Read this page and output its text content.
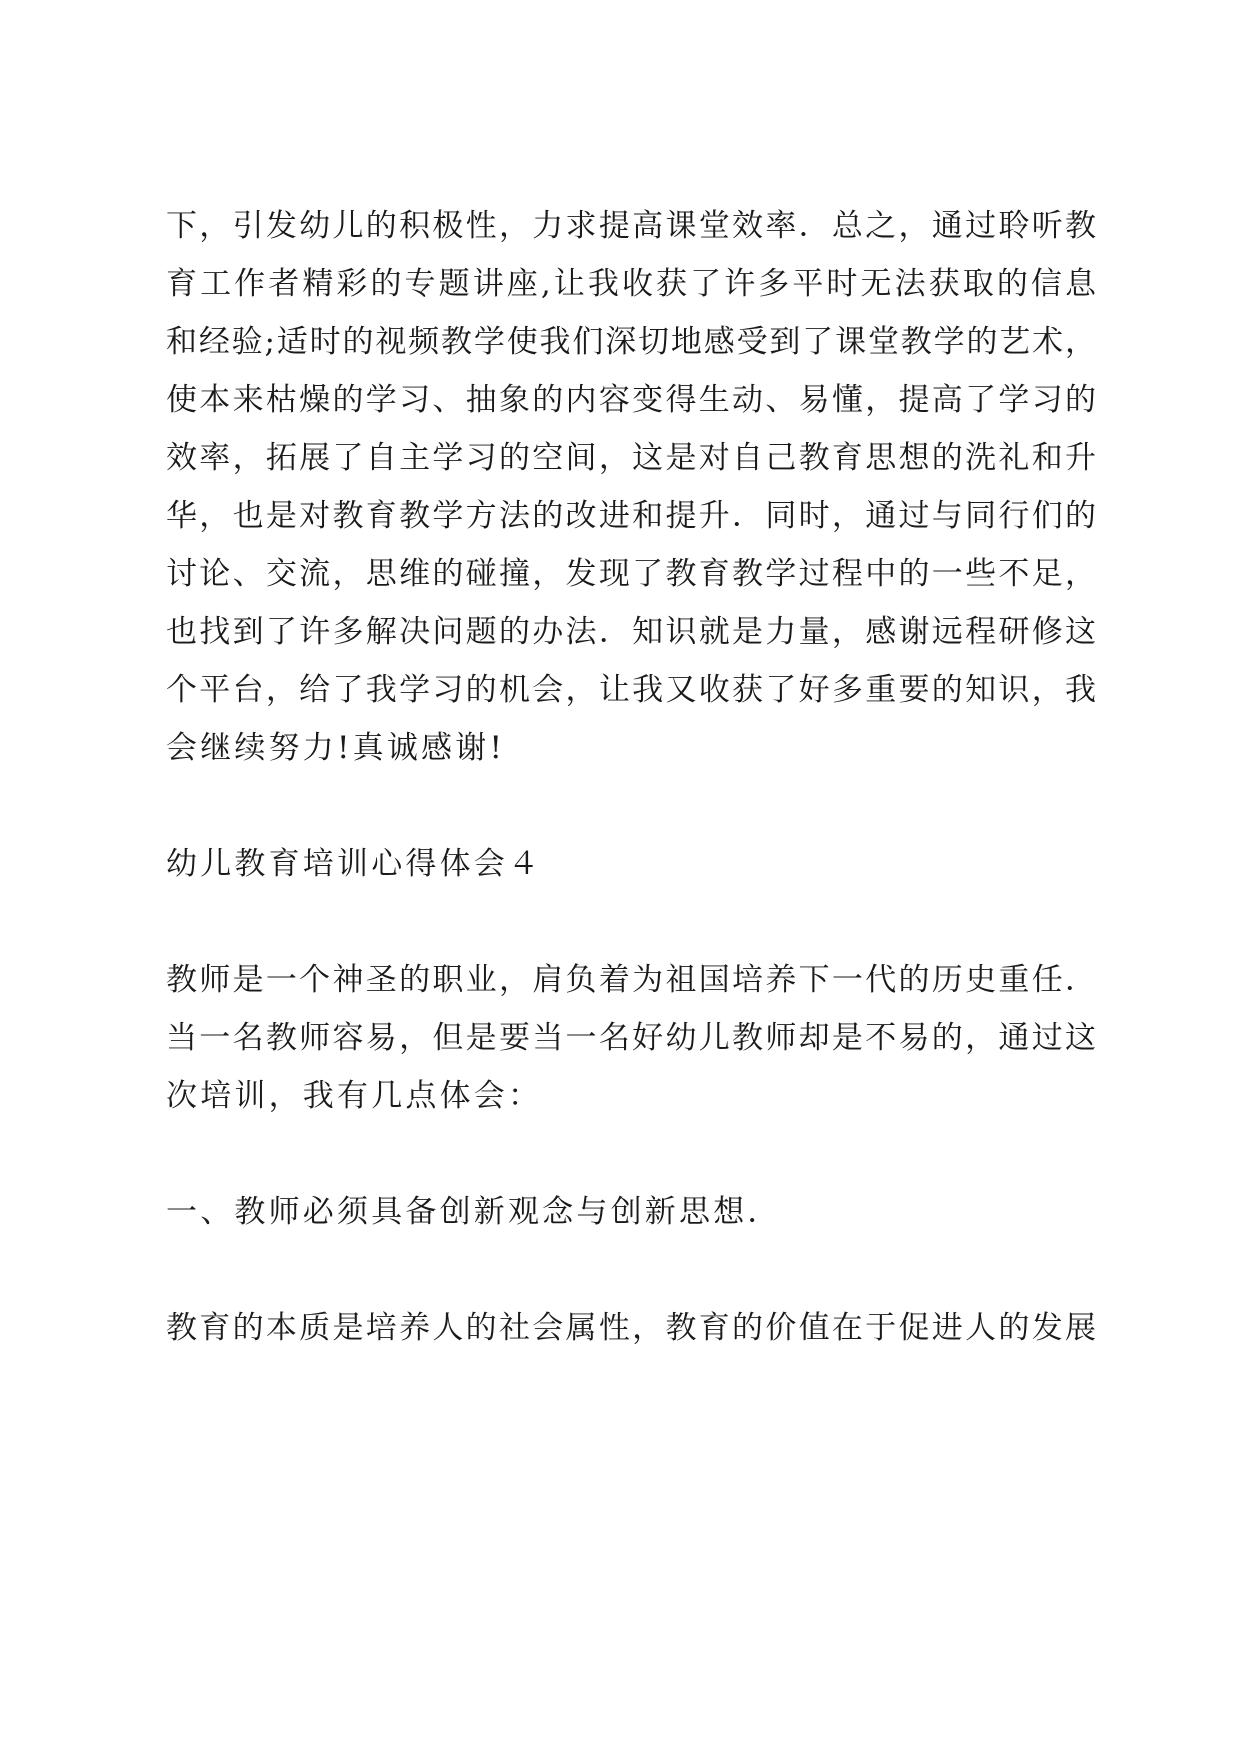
下，引发幼儿的积极性，力求提高课堂效率．总之，通过聆听教
育工作者精彩的专题讲座,让我收获了许多平时无法获取的信息
和经验;适时的视频教学使我们深切地感受到了课堂教学的艺术，
使本来枯燥的学习、抽象的内容变得生动、易懂，提高了学习的
效率，拓展了自主学习的空间，这是对自己教育思想的洗礼和升
华，也是对教育教学方法的改进和提升．同时，通过与同行们的
讨论、交流，思维的碰撞，发现了教育教学过程中的一些不足，
也找到了许多解决问题的办法．知识就是力量，感谢远程研修这
个平台，给了我学习的机会，让我又收获了好多重要的知识，我
会继续努力!真诚感谢!
幼儿教育培训心得体会４
教师是一个神圣的职业，肩负着为祖国培养下一代的历史重任．
当一名教师容易，但是要当一名好幼儿教师却是不易的，通过这
次培训，我有几点体会：
一、教师必须具备创新观念与创新思想．
教育的本质是培养人的社会属性，教育的价值在于促进人的发展
